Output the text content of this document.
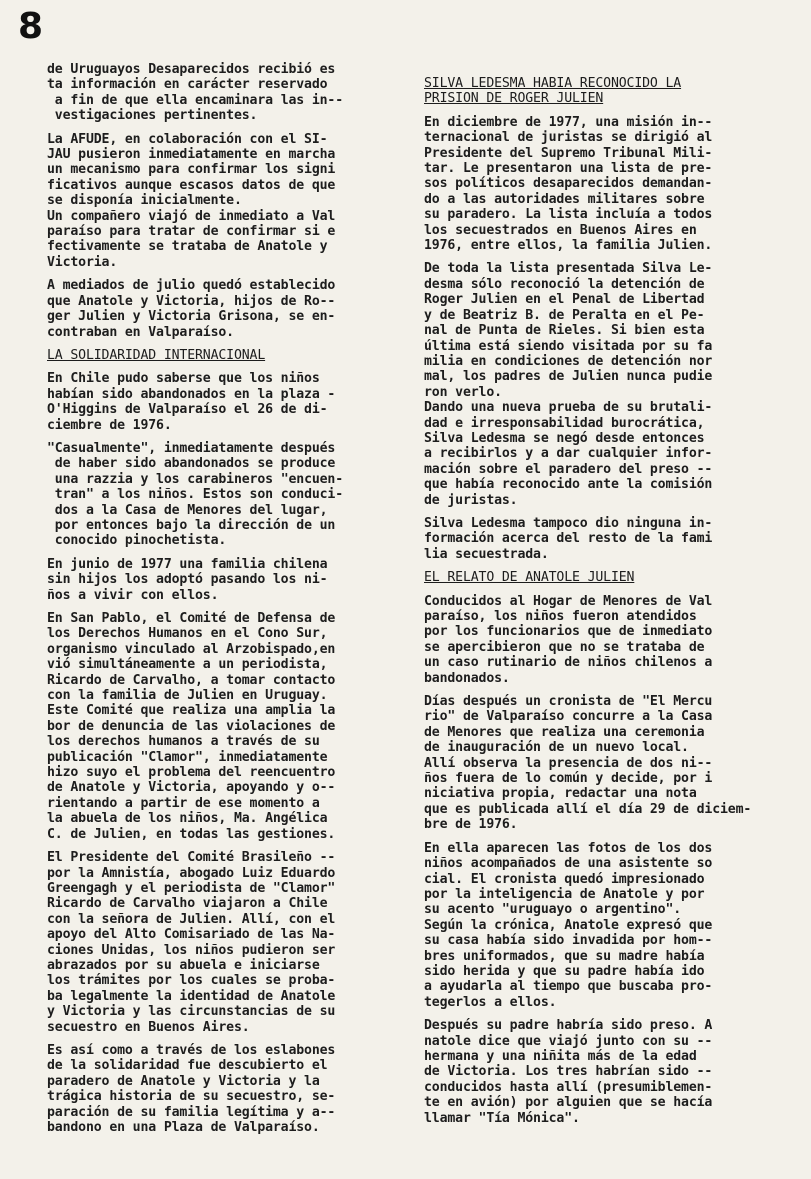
8

de Uruguayos Desaparecidos recibió es
ta información en carácter reservado
a fin de que ella encaminara las in--
vestigaciones pertinentes.

La AFUDE, en colaboración con el SI-
JAU pusieron inmediatamente en marcha
un mecanismo para confirmar los signi
ficativos aunque escasos datos de que
se disponía inicialmente.

Un compañero viajó de inmediato a Val
paraíso para tratar de confirmar si e
fectivamente se trataba de Anatole y
Victoria.

A mediados de julio quedó establecido
que Anatole y Victoria, hijos de Ro--
ger Julien y Victoria Grisona, se en-
contraban en Valparaíso.

LA SOLIDARIDAD INTERNACIONAL

En Chile pudo saberse que los niños
habían sido abandonados en la plaza -
O'Higgins de Valparaíso el 26 de di-
ciembre de 1976.

"Casualmente", inmediatamente después
de haber sido abandonados se produce
una razzia y los carabineros "encuen-
tran" a los niños. Estos son conduci-
dos a la Casa de Menores del lugar,
por entonces bajo la dirección de un
conocido pinochetista.

En junio de 1977 una familia chilena
sin hijos los adoptó pasando los ni-
ños a vivir con ellos.

En San Pablo, el Comité de Defensa de
los Derechos Humanos en el Cono Sur,
organismo vinculado al Arzobispado,en
vió simultáneamente a un periodista,
Ricardo de Carvalho, a tomar contacto
con la familia de Julien en Uruguay.
Este Comité que realiza una amplia la
bor de denuncia de las violaciones de
los derechos humanos a través de su
publicación "Clamor", inmediatamente
hizo suyo el problema del reencuentro
de Anatole y Victoria, apoyando y o--
rientando a partir de ese momento a
la abuela de los niños, Ma. Angélica
C. de Julien, en todas las gestiones.

El Presidente del Comité Brasileño --
por la Amnistía, abogado Luiz Eduardo
Greengagh y el periodista de "Clamor"
Ricardo de Carvalho viajaron a Chile
con la señora de Julien. Allí, con el
apoyo del Alto Comisariado de las Na-
ciones Unidas, los niños pudieron ser
abrazados por su abuela e iniciarse
los trámites por los cuales se proba-
ba legalmente la identidad de Anatole
y Victoria y las circunstancias de su
secuestro en Buenos Aires.

Es así como a través de los eslabones
de la solidaridad fue descubierto el
paradero de Anatole y Victoria y la
trágica historia de su secuestro, se-
paración de su familia legítima y a--
bandono en una Plaza de Valparaíso.

SILVA LEDESMA HABIA RECONOCIDO LA
PRISION DE ROGER JULIEN

En diciembre de 1977, una misión in--
ternacional de juristas se dirigió al
Presidente del Supremo Tribunal Mili-
tar. Le presentaron una lista de pre-
sos políticos desaparecidos demandan-
do a las autoridades militares sobre
su paradero. La lista incluía a todos
los secuestrados en Buenos Aires en
1976, entre ellos, la familia Julien.

De toda la lista presentada Silva Le-
desma sólo reconoció la detención de
Roger Julien en el Penal de Libertad
y de Beatriz B. de Peralta en el Pe-
nal de Punta de Rieles. Si bien esta
última está siendo visitada por su fa
milia en condiciones de detención nor
mal, los padres de Julien nunca pudie
ron verlo.

Dando una nueva prueba de su brutali-
dad e irresponsabilidad burocrática,
Silva Ledesma se negó desde entonces
a recibirlos y a dar cualquier infor-
mación sobre el paradero del preso --
que había reconocido ante la comisión
de juristas.

Silva Ledesma tampoco dio ninguna in-
formación acerca del resto de la fami
lia secuestrada.

EL RELATO DE ANATOLE JULIEN

Conducidos al Hogar de Menores de Val
paraíso, los niños fueron atendidos
por los funcionarios que de inmediato
se apercibieron que no se trataba de
un caso rutinario de niños chilenos a
bandonados.

Días después un cronista de "El Mercu
rio" de Valparaíso concurre a la Casa
de Menores que realiza una ceremonia
de inauguración de un nuevo local.
Allí observa la presencia de dos ni--
ños fuera de lo común y decide, por i
niciativa propia, redactar una nota
que es publicada allí el día 29 de diciem-
bre de 1976.

En ella aparecen las fotos de los dos
niños acompañados de una asistente so
cial. El cronista quedó impresionado
por la inteligencia de Anatole y por
su acento "uruguayo o argentino".
Según la crónica, Anatole expresó que
su casa había sido invadida por hom--
bres uniformados, que su madre había
sido herida y que su padre había ido
a ayudarla al tiempo que buscaba pro-
tegerlos a ellos.

Después su padre habría sido preso. A
natole dice que viajó junto con su --
hermana y una niñita más de la edad
de Victoria. Los tres habrían sido --
conducidos hasta allí (presumiblemen-
te en avión) por alguien que se hacía
llamar "Tía Mónica".
